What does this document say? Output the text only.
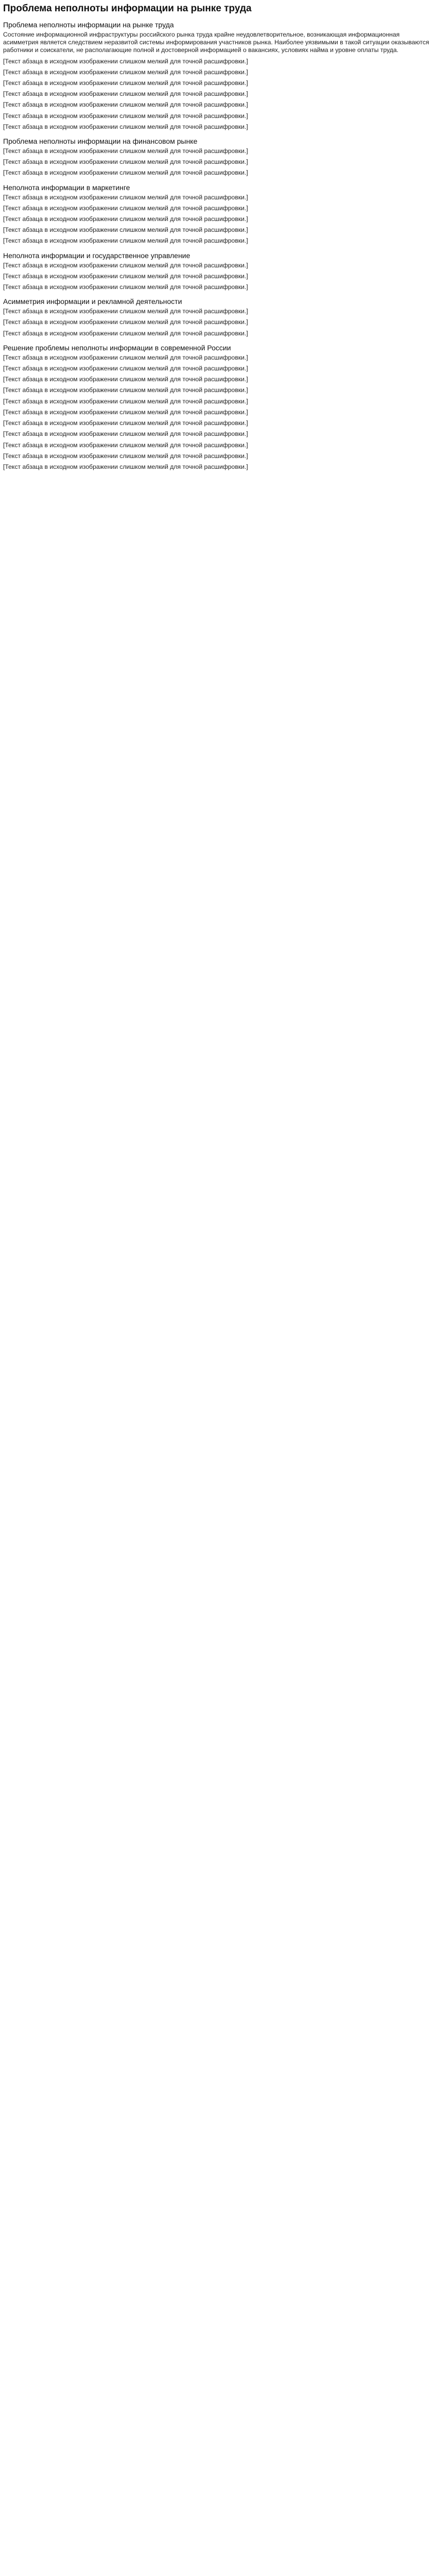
Проблема неполноты информации на рынке труда
Проблема неполноты информации на рынке труда

Состояние информационной инфраструктуры российского рынка труда крайне неудовлетворительное, возникающая информационная асимметрия является следствием неразвитой системы информирования участников рынка. Наиболее уязвимыми в такой ситуации оказываются работники и соискатели, не располагающие полной и достоверной информацией о вакансиях, условиях найма и уровне оплаты труда.

[Текст абзаца в исходном изображении слишком мелкий для точной расшифровки.]

[Текст абзаца в исходном изображении слишком мелкий для точной расшифровки.]

[Текст абзаца в исходном изображении слишком мелкий для точной расшифровки.]

[Текст абзаца в исходном изображении слишком мелкий для точной расшифровки.]

[Текст абзаца в исходном изображении слишком мелкий для точной расшифровки.]

[Текст абзаца в исходном изображении слишком мелкий для точной расшифровки.]

[Текст абзаца в исходном изображении слишком мелкий для точной расшифровки.]

Проблема неполноты информации на финансовом рынке

[Текст абзаца в исходном изображении слишком мелкий для точной расшифровки.]

[Текст абзаца в исходном изображении слишком мелкий для точной расшифровки.]

[Текст абзаца в исходном изображении слишком мелкий для точной расшифровки.]

Неполнота информации в маркетинге

[Текст абзаца в исходном изображении слишком мелкий для точной расшифровки.]

[Текст абзаца в исходном изображении слишком мелкий для точной расшифровки.]

[Текст абзаца в исходном изображении слишком мелкий для точной расшифровки.]

[Текст абзаца в исходном изображении слишком мелкий для точной расшифровки.]

[Текст абзаца в исходном изображении слишком мелкий для точной расшифровки.]

Неполнота информации и государственное управление

[Текст абзаца в исходном изображении слишком мелкий для точной расшифровки.]

[Текст абзаца в исходном изображении слишком мелкий для точной расшифровки.]

[Текст абзаца в исходном изображении слишком мелкий для точной расшифровки.]

Асимметрия информации и рекламной деятельности

[Текст абзаца в исходном изображении слишком мелкий для точной расшифровки.]

[Текст абзаца в исходном изображении слишком мелкий для точной расшифровки.]

[Текст абзаца в исходном изображении слишком мелкий для точной расшифровки.]

Решение проблемы неполноты информации в современной России

[Текст абзаца в исходном изображении слишком мелкий для точной расшифровки.]

[Текст абзаца в исходном изображении слишком мелкий для точной расшифровки.]

[Текст абзаца в исходном изображении слишком мелкий для точной расшифровки.]

[Текст абзаца в исходном изображении слишком мелкий для точной расшифровки.]

[Текст абзаца в исходном изображении слишком мелкий для точной расшифровки.]

[Текст абзаца в исходном изображении слишком мелкий для точной расшифровки.]

[Текст абзаца в исходном изображении слишком мелкий для точной расшифровки.]

[Текст абзаца в исходном изображении слишком мелкий для точной расшифровки.]

[Текст абзаца в исходном изображении слишком мелкий для точной расшифровки.]

[Текст абзаца в исходном изображении слишком мелкий для точной расшифровки.]

[Текст абзаца в исходном изображении слишком мелкий для точной расшифровки.]
